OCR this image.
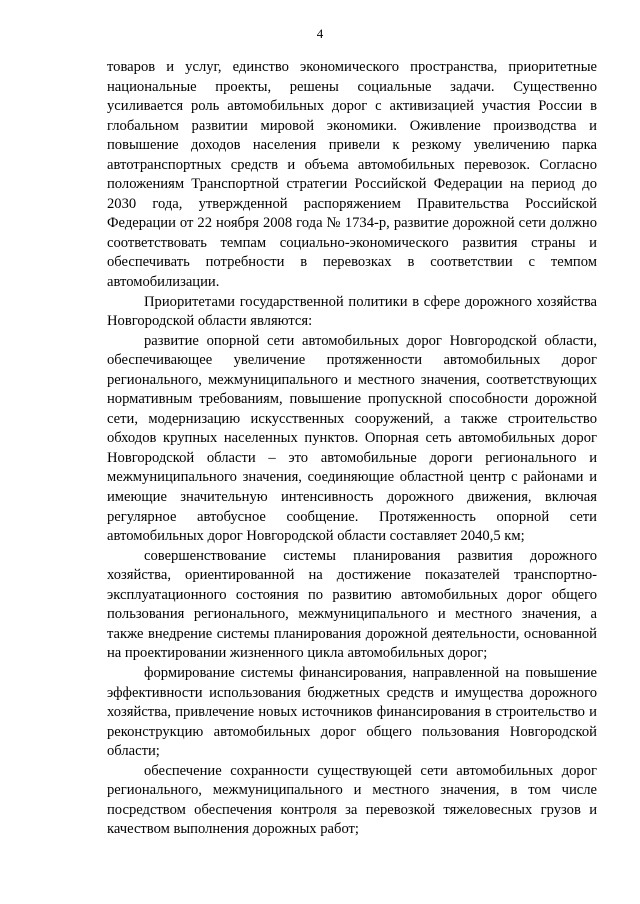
4

товаров и услуг, единство экономического пространства, приоритетные национальные проекты, решены социальные задачи. Существенно усиливается роль автомобильных дорог с активизацией участия России в глобальном развитии мировой экономики. Оживление производства и повышение доходов населения привели к резкому увеличению парка автотранспортных средств и объема автомобильных перевозок. Согласно положениям Транспортной стратегии Российской Федерации на период до 2030 года, утвержденной распоряжением Правительства Российской Федерации от 22 ноября 2008 года № 1734-р, развитие дорожной сети должно соответствовать темпам социально-экономического развития страны и обеспечивать потребности в перевозках в соответствии с темпом автомобилизации.

Приоритетами государственной политики в сфере дорожного хозяйства Новгородской области являются:

развитие опорной сети автомобильных дорог Новгородской области, обеспечивающее увеличение протяженности автомобильных дорог регионального, межмуниципального и местного значения, соответствующих нормативным требованиям, повышение пропускной способности дорожной сети, модернизацию искусственных сооружений, а также строительство обходов крупных населенных пунктов. Опорная сеть автомобильных дорог Новгородской области – это автомобильные дороги регионального и межмуниципального значения, соединяющие областной центр с районами и имеющие значительную интенсивность дорожного движения, включая регулярное автобусное сообщение. Протяженность опорной сети автомобильных дорог Новгородской области составляет 2040,5 км;

совершенствование системы планирования развития дорожного хозяйства, ориентированной на достижение показателей транспортно-эксплуатационного состояния по развитию автомобильных дорог общего пользования регионального, межмуниципального и местного значения, а также внедрение системы планирования дорожной деятельности, основанной на проектировании жизненного цикла автомобильных дорог;

формирование системы финансирования, направленной на повышение эффективности использования бюджетных средств и имущества дорожного хозяйства, привлечение новых источников финансирования в строительство и реконструкцию автомобильных дорог общего пользования Новгородской области;

обеспечение сохранности существующей сети автомобильных дорог регионального, межмуниципального и местного значения, в том числе посредством обеспечения контроля за перевозкой тяжеловесных грузов и качеством выполнения дорожных работ;
